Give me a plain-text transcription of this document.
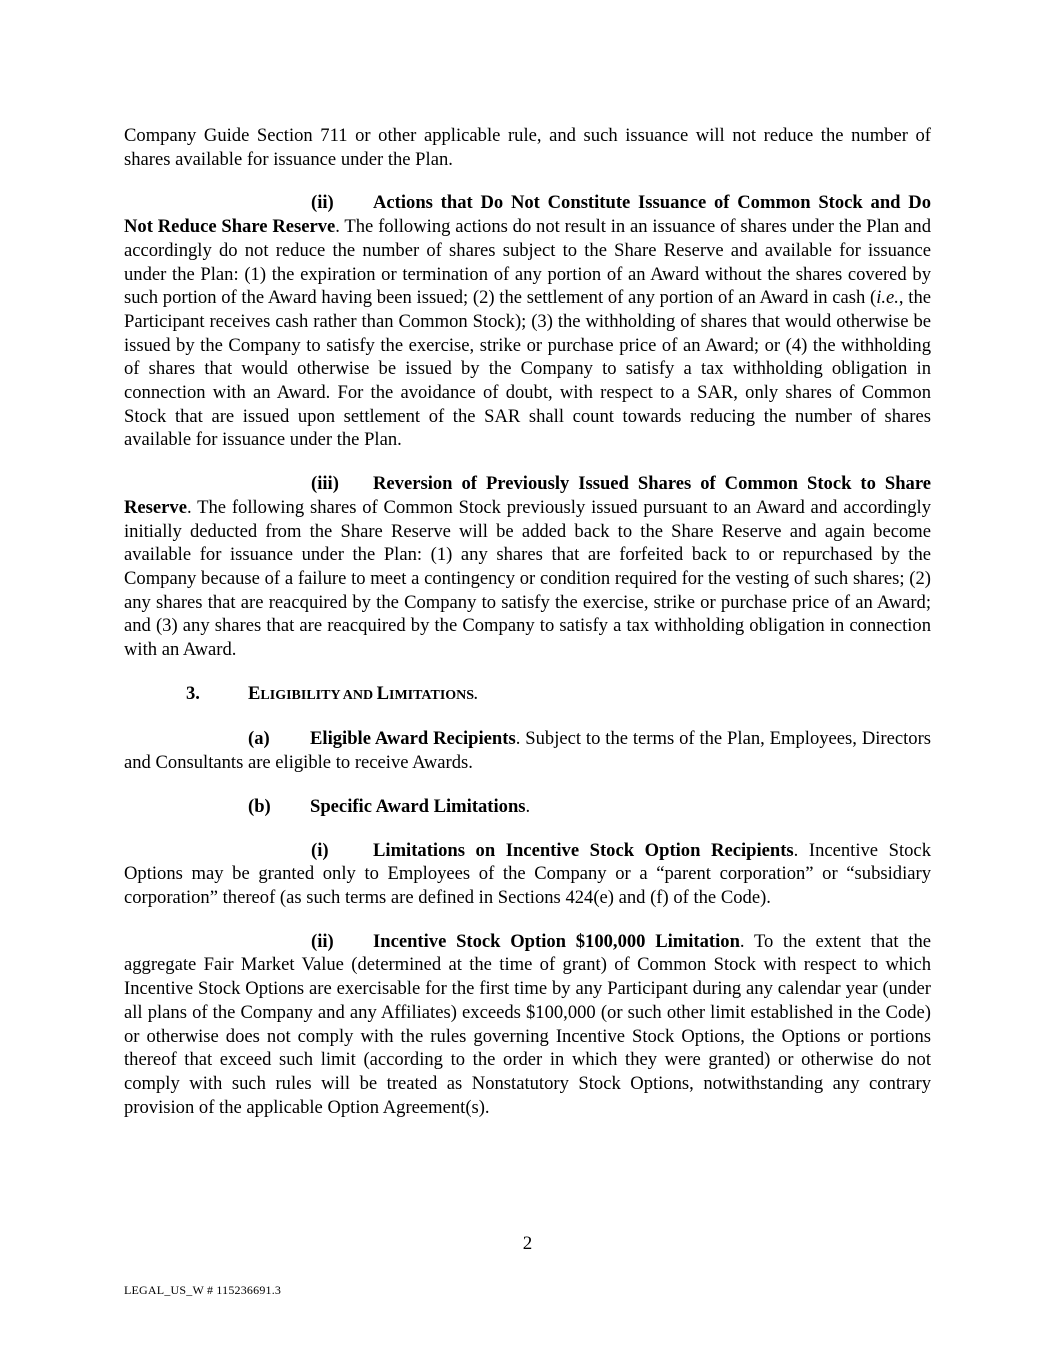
Company Guide Section 711 or other applicable rule, and such issuance will not reduce the number of shares available for issuance under the Plan.

(ii) Actions that Do Not Constitute Issuance of Common Stock and Do Not Reduce Share Reserve. The following actions do not result in an issuance of shares under the Plan and accordingly do not reduce the number of shares subject to the Share Reserve and available for issuance under the Plan: (1) the expiration or termination of any portion of an Award without the shares covered by such portion of the Award having been issued; (2) the settlement of any portion of an Award in cash (i.e., the Participant receives cash rather than Common Stock); (3) the withholding of shares that would otherwise be issued by the Company to satisfy the exercise, strike or purchase price of an Award; or (4) the withholding of shares that would otherwise be issued by the Company to satisfy a tax withholding obligation in connection with an Award. For the avoidance of doubt, with respect to a SAR, only shares of Common Stock that are issued upon settlement of the SAR shall count towards reducing the number of shares available for issuance under the Plan.

(iii) Reversion of Previously Issued Shares of Common Stock to Share Reserve. The following shares of Common Stock previously issued pursuant to an Award and accordingly initially deducted from the Share Reserve will be added back to the Share Reserve and again become available for issuance under the Plan: (1) any shares that are forfeited back to or repurchased by the Company because of a failure to meet a contingency or condition required for the vesting of such shares; (2) any shares that are reacquired by the Company to satisfy the exercise, strike or purchase price of an Award; and (3) any shares that are reacquired by the Company to satisfy a tax withholding obligation in connection with an Award.

3.	ELIGIBILITY AND LIMITATIONS.

(a) Eligible Award Recipients. Subject to the terms of the Plan, Employees, Directors and Consultants are eligible to receive Awards.

(b) Specific Award Limitations.

(i) Limitations on Incentive Stock Option Recipients. Incentive Stock Options may be granted only to Employees of the Company or a “parent corporation” or “subsidiary corporation” thereof (as such terms are defined in Sections 424(e) and (f) of the Code).

(ii) Incentive Stock Option $100,000 Limitation. To the extent that the aggregate Fair Market Value (determined at the time of grant) of Common Stock with respect to which Incentive Stock Options are exercisable for the first time by any Participant during any calendar year (under all plans of the Company and any Affiliates) exceeds $100,000 (or such other limit established in the Code) or otherwise does not comply with the rules governing Incentive Stock Options, the Options or portions thereof that exceed such limit (according to the order in which they were granted) or otherwise do not comply with such rules will be treated as Nonstatutory Stock Options, notwithstanding any contrary provision of the applicable Option Agreement(s).

2
LEGAL_US_W # 115236691.3
